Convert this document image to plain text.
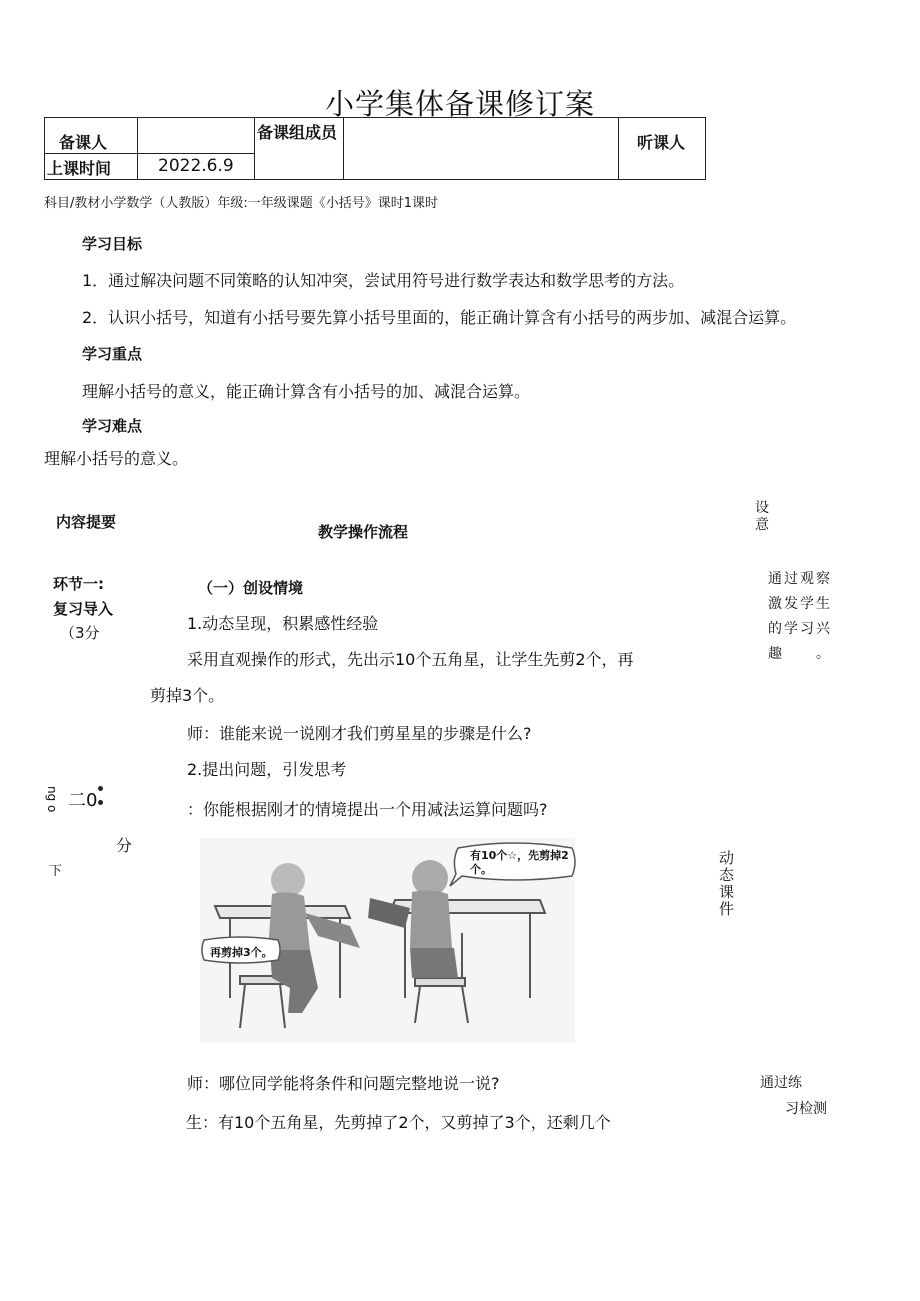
小学集体备课修订案
备课人		备课组成员		听课人

上课时间	2022.6.9			
科目/教材小学数学（人教版）年级:一年级课题《小括号》课时1课时
学习目标
1．通过解决问题不同策略的认知冲突，尝试用符号进行数学表达和数学思考的方法。
2．认识小括号，知道有小括号要先算小括号里面的，能正确计算含有小括号的两步加、减混合运算。
学习重点
理解小括号的意义，能正确计算含有小括号的加、减混合运算。
学习难点
理解小括号的意义。
内容提要
教学操作流程
设意
环节一:
复习导入
（3分
（一）创设情境
1.动态呈现，积累感性经验
采用直观操作的形式，先出示10个五角星，让学生先剪2个，再
剪掉3个。
师：谁能来说一说刚才我们剪星星的步骤是什么?
2.提出问题，引发思考
：你能根据刚才的情境提出一个用减法运算问题吗?
二0
ng o
分
下
通过观察激发学生的学习兴趣。
动态课件
有10个☆，先剪掉2个。
再剪掉3个。
师：哪位同学能将条件和问题完整地说一说?
生：有10个五角星，先剪掉了2个，又剪掉了3个，还剩几个
通过练
习检测
